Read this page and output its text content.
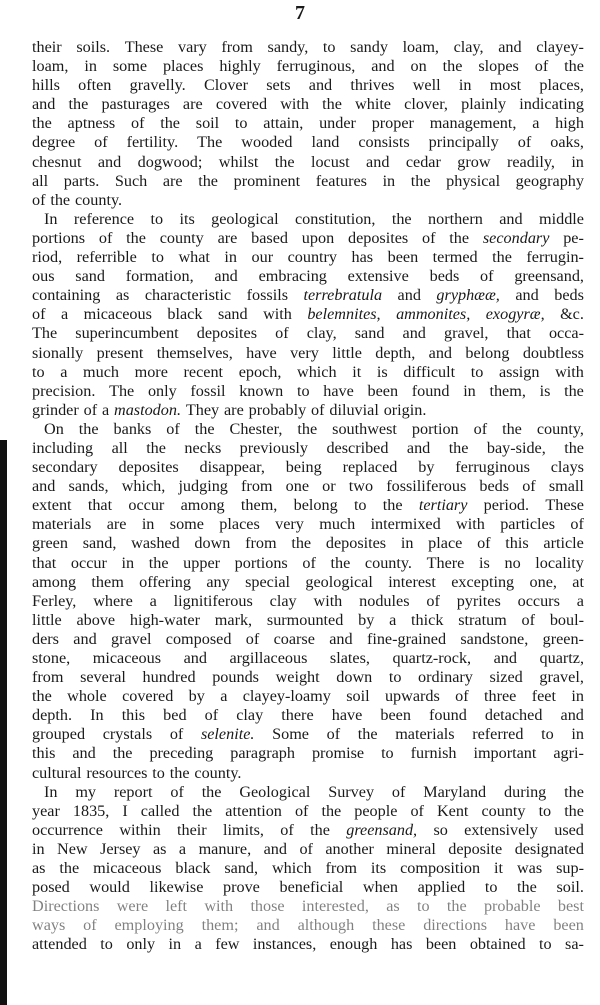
7
their soils. These vary from sandy, to sandy loam, clay, and clayey-
loam, in some places highly ferruginous, and on the slopes of the
hills often gravelly. Clover sets and thrives well in most places,
and the pasturages are covered with the white clover, plainly indicating
the aptness of the soil to attain, under proper management, a high
degree of fertility. The wooded land consists principally of oaks,
chesnut and dogwood; whilst the locust and cedar grow readily, in
all parts. Such are the prominent features in the physical geography
of the county.
In reference to its geological constitution, the northern and middle
portions of the county are based upon deposites of the secondary pe-
riod, referrible to what in our country has been termed the ferrugin-
ous sand formation, and embracing extensive beds of greensand,
containing as characteristic fossils terrebratula and gryphææ, and beds
of a micaceous black sand with belemnites, ammonites, exogyræ, &c.
The superincumbent deposites of clay, sand and gravel, that occa-
sionally present themselves, have very little depth, and belong doubtless
to a much more recent epoch, which it is difficult to assign with
precision. The only fossil known to have been found in them, is the
grinder of a mastodon. They are probably of diluvial origin.
On the banks of the Chester, the southwest portion of the county,
including all the necks previously described and the bay-side, the
secondary deposites disappear, being replaced by ferruginous clays
and sands, which, judging from one or two fossiliferous beds of small
extent that occur among them, belong to the tertiary period. These
materials are in some places very much intermixed with particles of
green sand, washed down from the deposites in place of this article
that occur in the upper portions of the county. There is no locality
among them offering any special geological interest excepting one, at
Ferley, where a lignitiferous clay with nodules of pyrites occurs a
little above high-water mark, surmounted by a thick stratum of boul-
ders and gravel composed of coarse and fine-grained sandstone, green-
stone, micaceous and argillaceous slates, quartz-rock, and quartz,
from several hundred pounds weight down to ordinary sized gravel,
the whole covered by a clayey-loamy soil upwards of three feet in
depth. In this bed of clay there have been found detached and
grouped crystals of selenite. Some of the materials referred to in
this and the preceding paragraph promise to furnish important agri-
cultural resources to the county.
In my report of the Geological Survey of Maryland during the
year 1835, I called the attention of the people of Kent county to the
occurrence within their limits, of the greensand, so extensively used
in New Jersey as a manure, and of another mineral deposite designated
as the micaceous black sand, which from its composition it was sup-
posed would likewise prove beneficial when applied to the soil.
Directions were left with those interested, as to the probable best
ways of employing them; and although these directions have been
attended to only in a few instances, enough has been obtained to sa-
